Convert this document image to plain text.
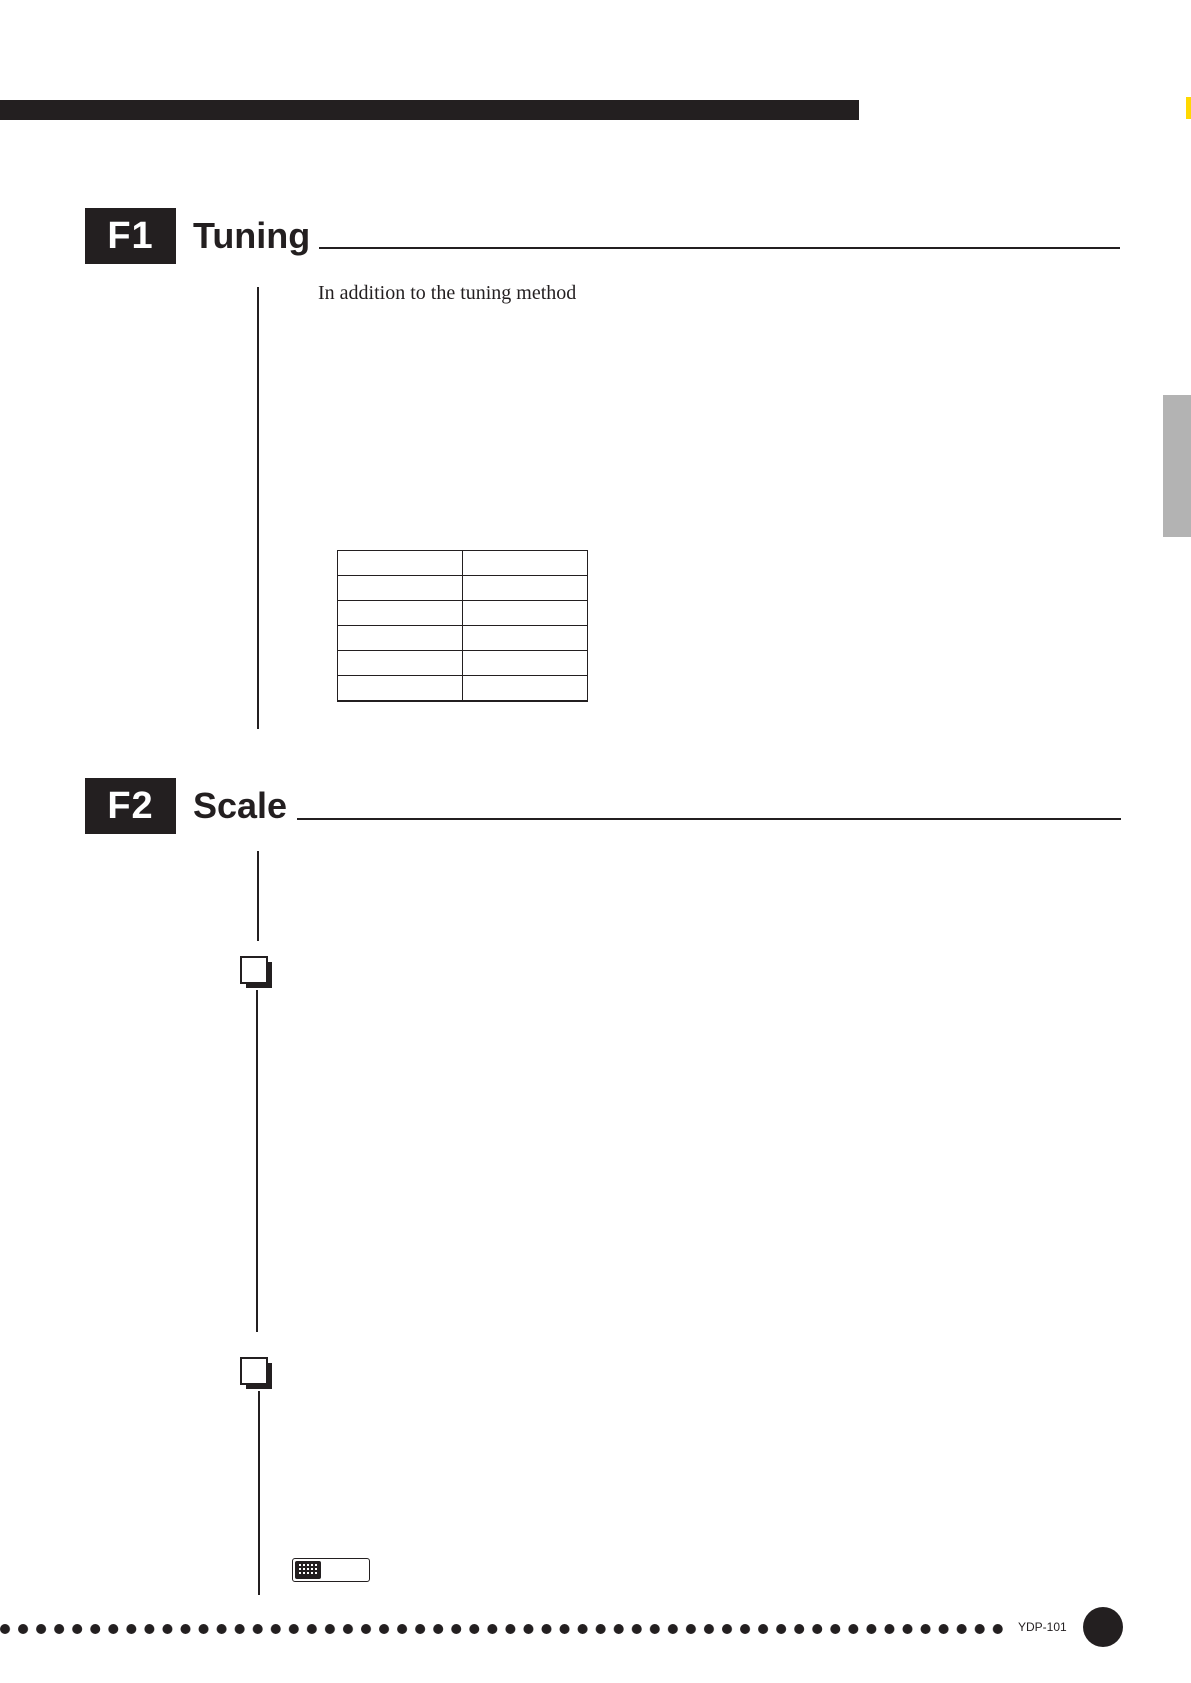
F1	Tuning
In addition to the tuning method

F2	Scale
YDP-101
